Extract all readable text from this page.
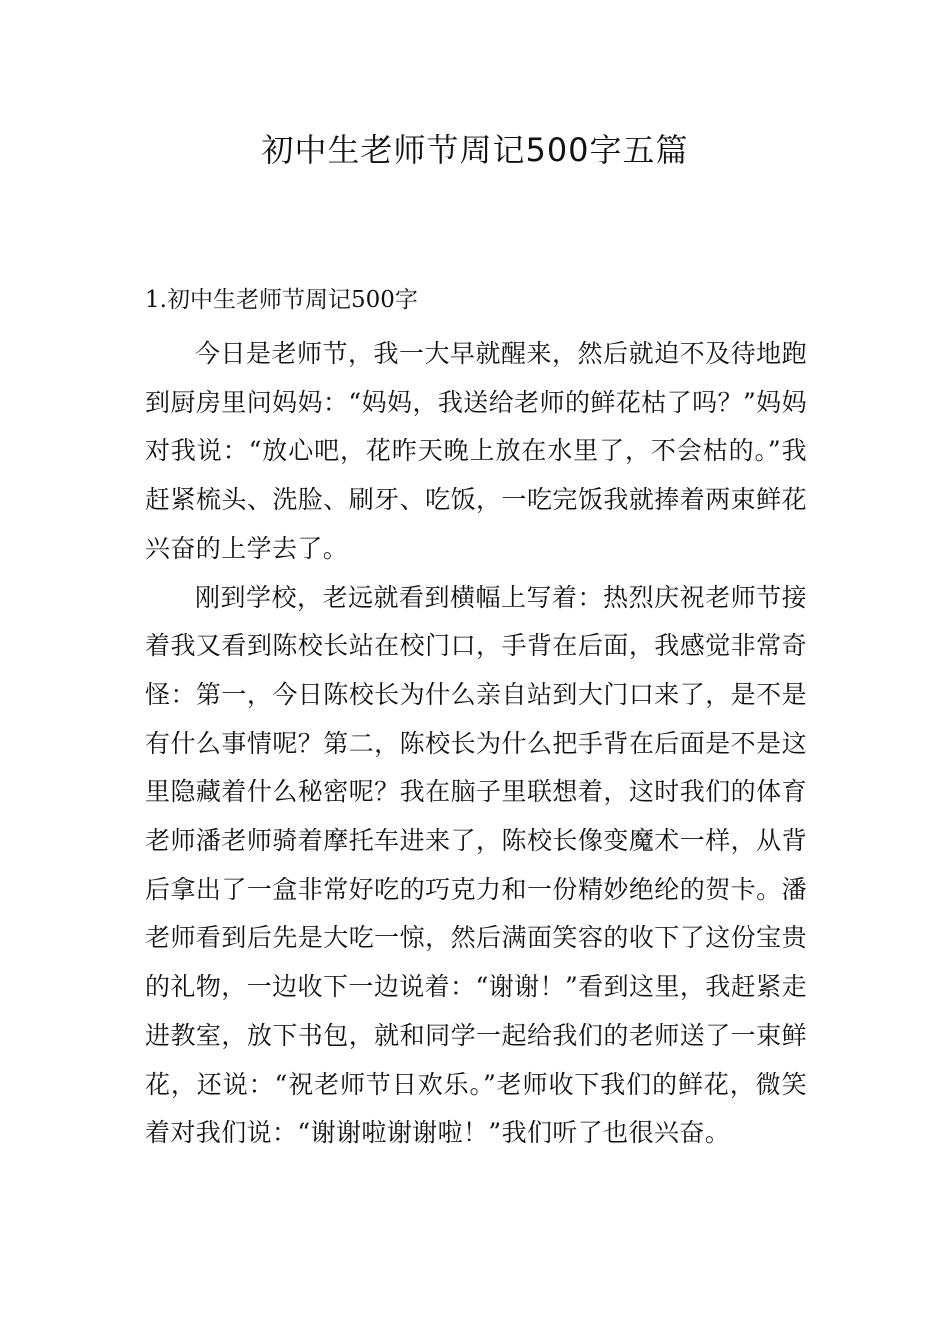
初中生老师节周记500字五篇
1.初中生老师节周记500字

今日是老师节，我一大早就醒来，然后就迫不及待地跑到厨房里问妈妈：“妈妈，我送给老师的鲜花枯了吗？”妈妈对我说：“放心吧，花昨天晚上放在水里了，不会枯的。”我赶紧梳头、洗脸、刷牙、吃饭，一吃完饭我就捧着两束鲜花兴奋的上学去了。

刚到学校，老远就看到横幅上写着：热烈庆祝老师节接着我又看到陈校长站在校门口，手背在后面，我感觉非常奇怪：第一，今日陈校长为什么亲自站到大门口来了，是不是有什么事情呢？第二，陈校长为什么把手背在后面是不是这里隐藏着什么秘密呢？我在脑子里联想着，这时我们的体育老师潘老师骑着摩托车进来了，陈校长像变魔术一样，从背后拿出了一盒非常好吃的巧克力和一份精妙绝纶的贺卡。潘老师看到后先是大吃一惊，然后满面笑容的收下了这份宝贵的礼物，一边收下一边说着：“谢谢！”看到这里，我赶紧走进教室，放下书包，就和同学一起给我们的老师送了一束鲜花，还说：“祝老师节日欢乐。”老师收下我们的鲜花，微笑着对我们说：“谢谢啦谢谢啦！”我们听了也很兴奋。
